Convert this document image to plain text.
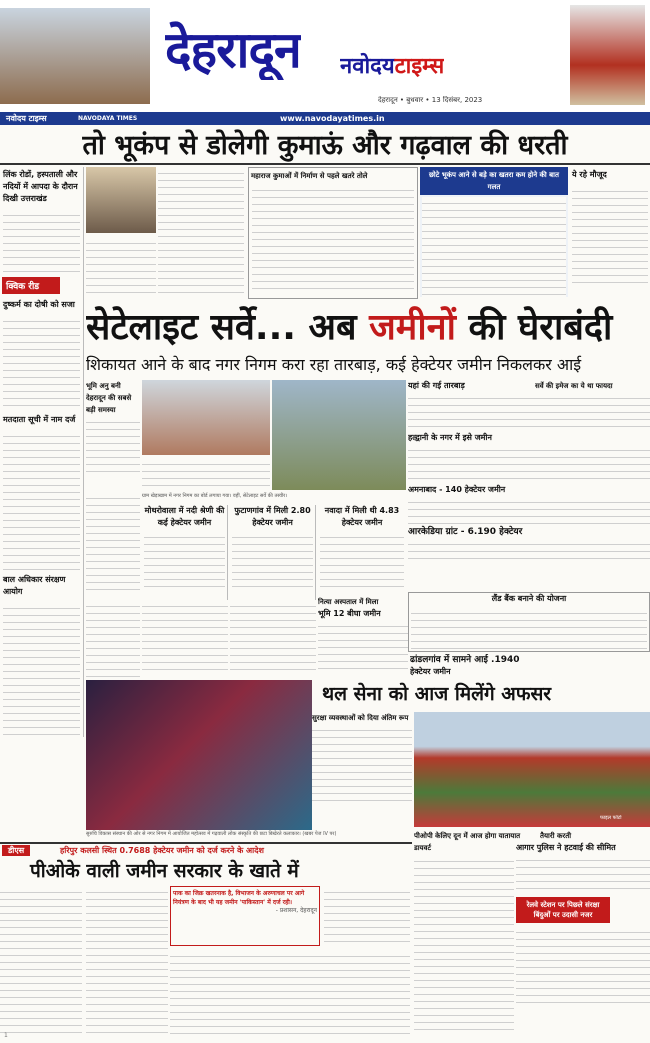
देहरादून नवोदयटाइम्स
देहरादून • बुधवार • 13 दिसंबर, 2023
नवोदय टाइम्स	NAVODAYA TIMES	www.navodayatimes.in
तो भूकंप से डोलेगी कुमाऊं और गढ़वाल की धरती
लिंक रोडों, हस्पताली और नदियों में आपदा के दौरान दिखी उत्तराखंड
क्विक रीड
दुष्कर्म का दोषी को सजा
मतदाता सूची में नाम दर्ज
बाल अधिकार संरक्षण आयोग
महाराज कुमाओं में निर्माण से पहले खतरे तोले	छोटे भूकंप आने से बड़े का खतरा कम होने की बात गलत
ये रहे मौजूद
सेटेलाइट सर्वे... अब जमीनों की घेराबंदी
शिकायत आने के बाद नगर निगम करा रहा तारबाड़, कई हेक्टेयर जमीन निकलकर आई
भूमि अनु बनी देहरादून की सबसे बड़ी समस्या
ग्राम खेड़ाखाम में नगर निगम का बोर्ड लगाया गया। वहीं, सेटेलाइट सर्वे की तस्वीर।
यहां की गई तारबाड़
हल्द्वानी के नगर में इसे जमीन
अमनाबाद - 140 हेक्टेयर जमीन
आरकेडिया ग्रांट - 6.190 हेक्टेयर
सर्वे की इमेज का ये था फायदा
मोथरोवाला में नदी श्रेणी की कई हेक्टेयर जमीन
फुटाणगांव में मिली 2.80 हेक्टेयर जमीन
नवादा में मिली थी 4.83 हेक्टेयर जमीन
लैंड बैंक बनाने की योजना
नित्या अस्पताल में मिला
भूमि 12 बीघा जमीन
ढांडलगांव में सामने आई .1940
हेक्टेयर जमीन
सुरुचि विकास संस्थान की ओर से नगर निगम में आयोजित महोत्सव में गढ़वाली लोक संस्कृति की छटा बिखेरते कलाकार। (खबर पेज IV पर)
थल सेना को आज मिलेंगे अफसर
सुरक्षा व्यवस्थाओं को दिया अंतिम रूप
फाइल फोटो
पीओपी केलिए दून में आज होगा यातायात डायवर्ट
तैयारी करती
डीएस	हरिपुर कलसी स्थित 0.7688 हेक्टेयर जमीन को दर्ज करने के आदेश
पीओके वाली जमीन सरकार के खाते में
पाक का जिक्र खतरनाक है, विभाजन के अरुणाचल पर आगे नियंत्रण के बाद भी यह जमीन 'पाकिस्तान' में दर्ज रही।
- प्रशासन, देहरादून
आगार पुलिस ने हटवाई की सीमित
रेलवे स्टेशन पर पिछले संरक्षा बिंदुओं पर उदासी नजर
1
